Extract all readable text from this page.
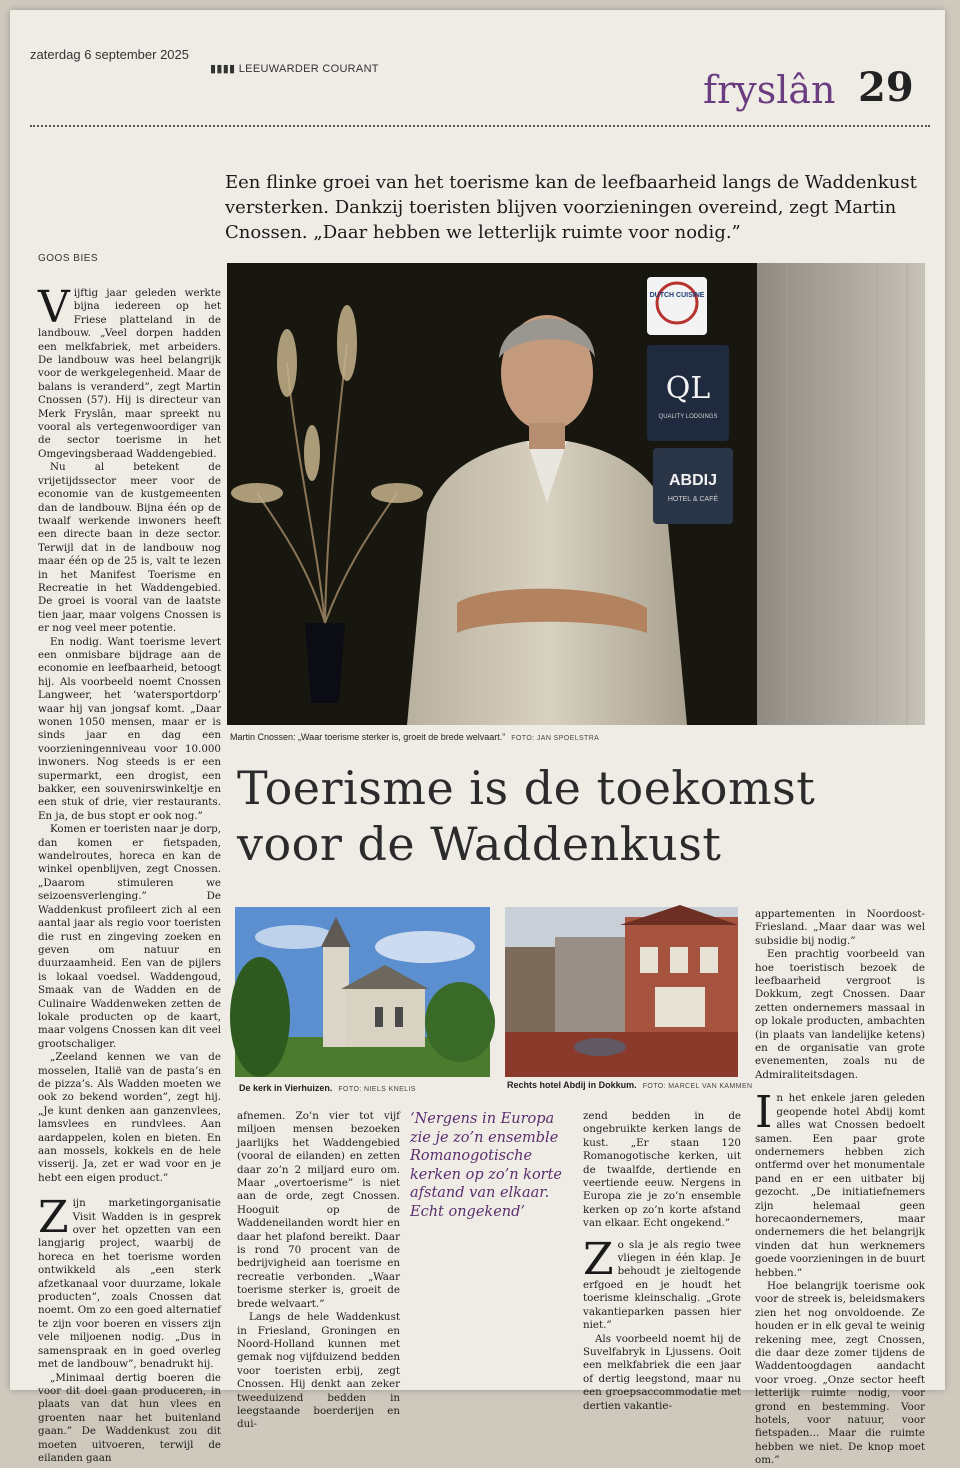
zaterdag 6 september 2025
▮▮▮▮ LEEUWARDER COURANT	fryslân 29
Een flinke groei van het toerisme kan de leefbaarheid langs de Waddenkust versterken. Dankzij toeristen blijven voorzieningen overeind, zegt Martin Cnossen. „Daar hebben we letterlijk ruimte voor nodig.”
GOOS BIES
DUTCH CUISINE
QL
QUALITY LODGINGS
ABDIJ
HOTEL & CAFÉ
Martin Cnossen: „Waar toerisme sterker is, groeit de brede welvaart.” FOTO: JAN SPOELSTRA
Toerisme is de toekomst
voor de Waddenkust
De kerk in Vierhuizen. FOTO: NIELS KNELIS	Rechts hotel Abdij in Dokkum. FOTO: MARCEL VAN KAMMEN

Vijftig jaar geleden werkte bijna iedereen op het Friese platteland in de landbouw. „Veel dorpen hadden een melkfabriek, met arbeiders. De landbouw was heel belangrijk voor de werkgelegenheid. Maar de balans is veranderd”, zegt Martin Cnossen (57). Hij is directeur van Merk Fryslân, maar spreekt nu vooral als vertegenwoordiger van de sector toerisme in het Omgevingsberaad Waddengebied.

Nu al betekent de vrijetijdssector meer voor de economie van de kustgemeenten dan de landbouw. Bijna één op de twaalf werkende inwoners heeft een directe baan in deze sector. Terwijl dat in de landbouw nog maar één op de 25 is, valt te lezen in het Manifest Toerisme en Recreatie in het Waddengebied. De groei is vooral van de laatste tien jaar, maar volgens Cnossen is er nog veel meer potentie.

En nodig. Want toerisme levert een onmisbare bijdrage aan de economie en leefbaarheid, betoogt hij. Als voorbeeld noemt Cnossen Langweer, het ‘watersportdorp’ waar hij van jongsaf komt. „Daar wonen 1050 mensen, maar er is sinds jaar en dag een voorzieningenniveau voor 10.000 inwoners. Nog steeds is er een supermarkt, een drogist, een bakker, een souvenirswinkeltje en een stuk of drie, vier restaurants. En ja, de bus stopt er ook nog.”

Komen er toeristen naar je dorp, dan komen er fietspaden, wandelroutes, horeca en kan de winkel openblijven, zegt Cnossen. „Daarom stimuleren we seizoensverlenging.” De Waddenkust profileert zich al een aantal jaar als regio voor toeristen die rust en zingeving zoeken en geven om natuur en duurzaamheid. Een van de pijlers is lokaal voedsel. Waddengoud, Smaak van de Wadden en de Culinaire Waddenweken zetten de lokale producten op de kaart, maar volgens Cnossen kan dit veel grootschaliger.

„Zeeland kennen we van de mosselen, Italië van de pasta’s en de pizza’s. Als Wadden moeten we ook zo bekend worden”, zegt hij. „Je kunt denken aan ganzenvlees, lamsvlees en rundvlees. Aan aardappelen, kolen en bieten. En aan mossels, kokkels en de hele visserij. Ja, zet er wad voor en je hebt een eigen product.”

Zijn marketingorganisatie Visit Wadden is in gesprek over het opzetten van een langjarig project, waarbij de horeca en het toerisme worden ontwikkeld als „een sterk afzetkanaal voor duurzame, lokale producten”, zoals Cnossen dat noemt. Om zo een goed alternatief te zijn voor boeren en vissers zijn vele miljoenen nodig. „Dus in samenspraak en in goed overleg met de landbouw”, benadrukt hij.

„Minimaal dertig boeren die voor dit doel gaan produceren, in plaats van dat hun vlees en groenten naar het buitenland gaan.” De Waddenkust zou dit moeten uitvoeren, terwijl de eilanden gaan

afnemen. Zo’n vier tot vijf miljoen mensen bezoeken jaarlijks het Waddengebied (vooral de eilanden) en zetten daar zo’n 2 miljard euro om. Maar „overtoerisme” is niet aan de orde, zegt Cnossen. Hooguit op de Waddeneilanden wordt hier en daar het plafond bereikt. Daar is rond 70 procent van de bedrijvigheid aan toerisme en recreatie verbonden. „Waar toerisme sterker is, groeit de brede welvaart.”

Langs de hele Waddenkust in Friesland, Groningen en Noord-Holland kunnen met gemak nog vijfduizend bedden voor toeristen erbij, zegt Cnossen. Hij denkt aan zeker tweeduizend bedden in leegstaande boerderijen en dui-

‘Nergens in Europa zie je zo’n ensemble Romanogotische kerken op zo’n korte afstand van elkaar. Echt ongekend’

zend bedden in de ongebruikte kerken langs de kust. „Er staan 120 Romanogotische kerken, uit de twaalfde, dertiende en veertiende eeuw. Nergens in Europa zie je zo’n ensemble kerken op zo’n korte afstand van elkaar. Echt ongekend.”

Zo sla je als regio twee vliegen in één klap. Je behoudt je zieltogende erfgoed en je houdt het toerisme kleinschalig. „Grote vakantieparken passen hier niet.”

Als voorbeeld noemt hij de Suvelfabryk in Ljussens. Ooit een melkfabriek die een jaar of dertig leegstond, maar nu een groepsaccommodatie met dertien vakantie-

appartementen in Noordoost-Friesland. „Maar daar was wel subsidie bij nodig.”

Een prachtig voorbeeld van hoe toeristisch bezoek de leefbaarheid vergroot is Dokkum, zegt Cnossen. Daar zetten ondernemers massaal in op lokale producten, ambachten (in plaats van landelijke ketens) en de organisatie van grote evenementen, zoals nu de Admiraliteitsdagen.

In het enkele jaren geleden geopende hotel Abdij komt alles wat Cnossen bedoelt samen. Een paar grote ondernemers hebben zich ontfermd over het monumentale pand en er een uitbater bij gezocht. „De initiatiefnemers zijn helemaal geen horecaondernemers, maar ondernemers die het belangrijk vinden dat hun werknemers goede voorzieningen in de buurt hebben.”

Hoe belangrijk toerisme ook voor de streek is, beleidsmakers zien het nog onvoldoende. Ze houden er in elk geval te weinig rekening mee, zegt Cnossen, die daar deze zomer tijdens de Waddentoogdagen aandacht voor vroeg. „Onze sector heeft letterlijk ruimte nodig, voor grond en bestemming. Voor hotels, voor natuur, voor fietspaden... Maar die ruimte hebben we niet. De knop moet om.”
